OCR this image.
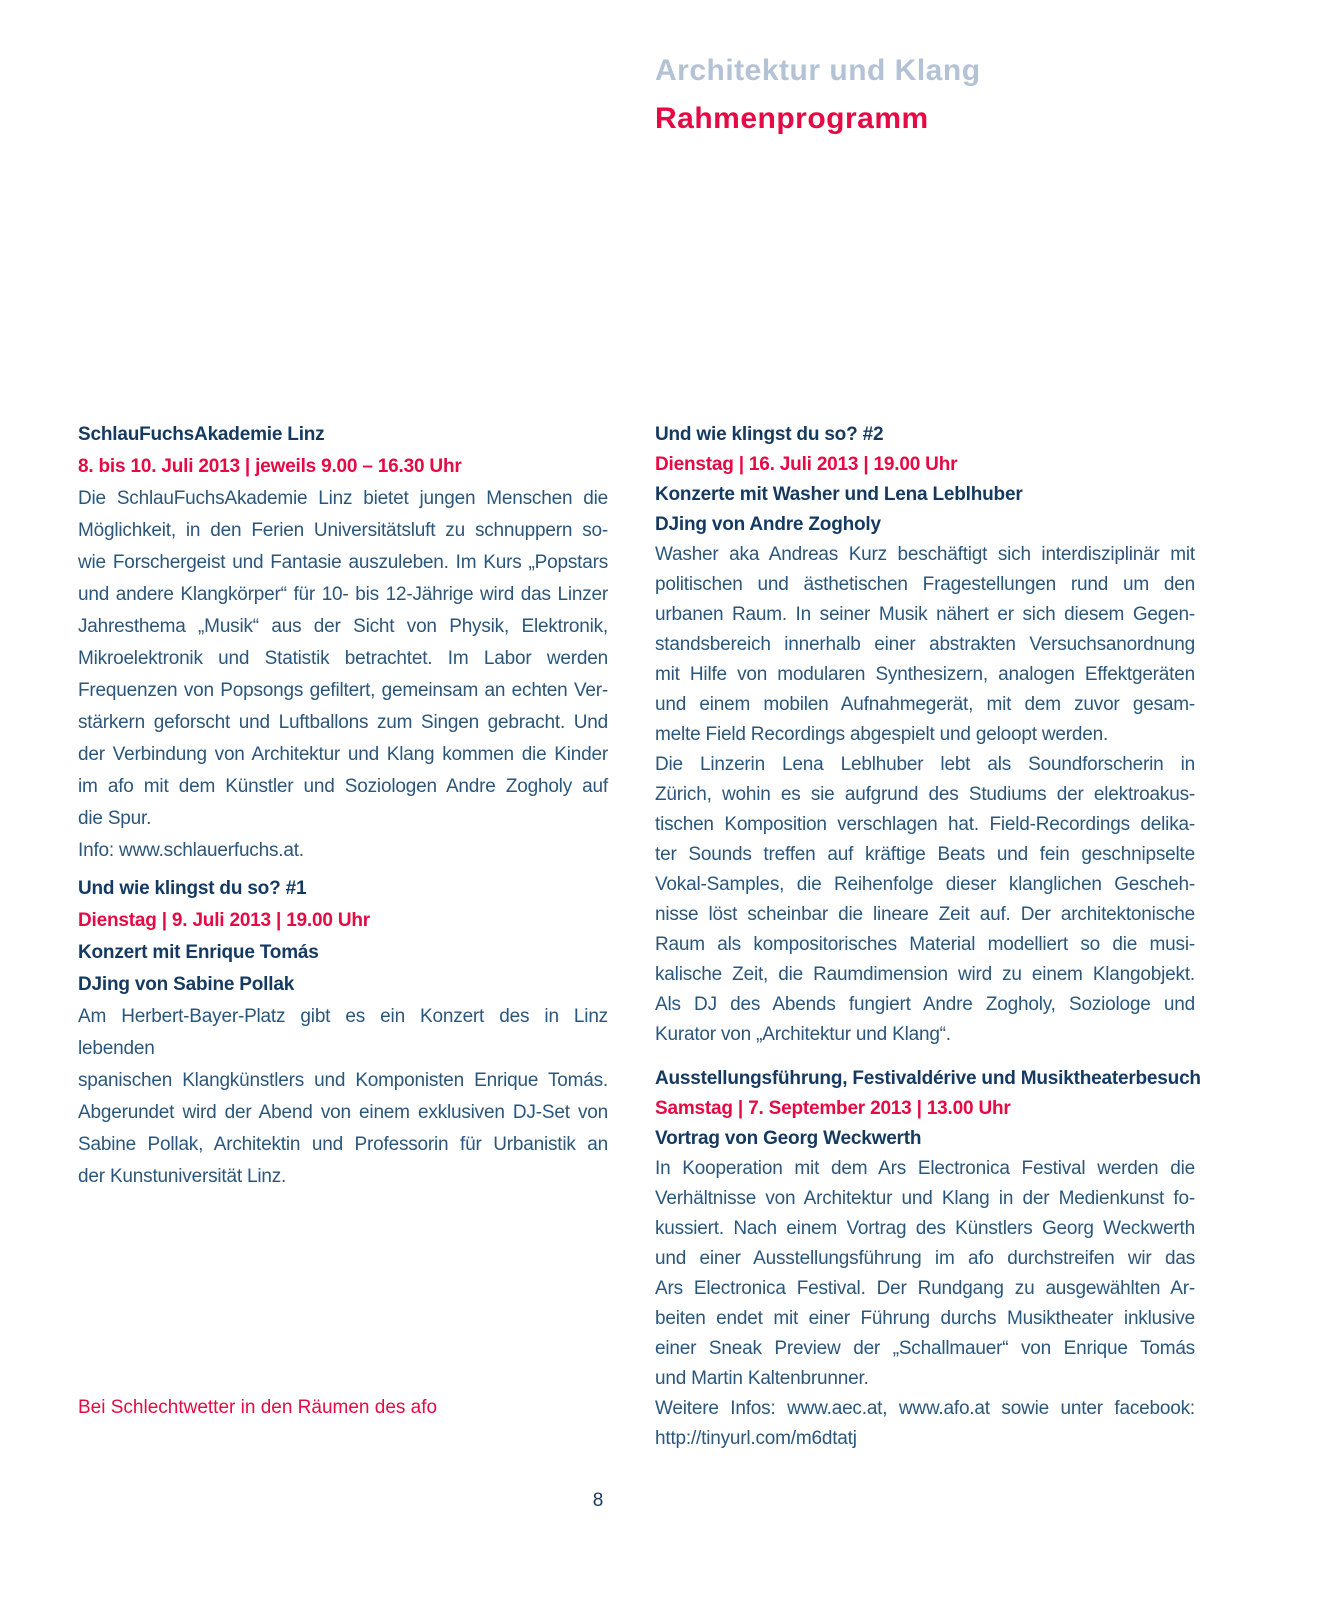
Architektur und Klang
Rahmenprogramm
SchlauFuchsAkademie Linz
8. bis 10. Juli 2013 | jeweils 9.00 – 16.30 Uhr
Die SchlauFuchsAkademie Linz bietet jungen Menschen die
Möglichkeit, in den Ferien Universitätsluft zu schnuppern so-
wie Forschergeist und Fantasie auszuleben. Im Kurs „Popstars
und andere Klangkörper“ für 10- bis 12-Jährige wird das Linzer
Jahresthema „Musik“ aus der Sicht von Physik, Elektronik,
Mikroelektronik und Statistik betrachtet. Im Labor werden
Frequenzen von Popsongs gefiltert, gemeinsam an echten Ver-
stärkern geforscht und Luftballons zum Singen gebracht. Und
der Verbindung von Architektur und Klang kommen die Kinder
im afo mit dem Künstler und Soziologen Andre Zogholy auf
die Spur.
Info: www.schlauerfuchs.at.
Und wie klingst du so? #1
Dienstag | 9. Juli 2013 | 19.00 Uhr
Konzert mit Enrique Tomás
DJing von Sabine Pollak
Am Herbert-Bayer-Platz gibt es ein Konzert des in Linz lebenden
spanischen Klangkünstlers und Komponisten Enrique Tomás.
Abgerundet wird der Abend von einem exklusiven DJ-Set von
Sabine Pollak, Architektin und Professorin für Urbanistik an
der Kunstuniversität Linz.
Und wie klingst du so? #2
Dienstag | 16. Juli 2013 | 19.00 Uhr
Konzerte mit Washer und Lena Leblhuber
DJing von Andre Zogholy
Washer aka Andreas Kurz beschäftigt sich interdisziplinär mit
politischen und ästhetischen Fragestellungen rund um den
urbanen Raum. In seiner Musik nähert er sich diesem Gegen-
standsbereich innerhalb einer abstrakten Versuchsanordnung
mit Hilfe von modularen Synthesizern, analogen Effektgeräten
und einem mobilen Aufnahmegerät, mit dem zuvor gesam-
melte Field Recordings abgespielt und geloopt werden.
Die Linzerin Lena Leblhuber lebt als Soundforscherin in
Zürich, wohin es sie aufgrund des Studiums der elektroakus-
tischen Komposition verschlagen hat. Field-Recordings delika-
ter Sounds treffen auf kräftige Beats und fein geschnipselte
Vokal-Samples, die Reihenfolge dieser klanglichen Gescheh-
nisse löst scheinbar die lineare Zeit auf. Der architektonische
Raum als kompositorisches Material modelliert so die musi-
kalische Zeit, die Raumdimension wird zu einem Klangobjekt.
Als DJ des Abends fungiert Andre Zogholy, Soziologe und
Kurator von „Architektur und Klang“.
Ausstellungsführung, Festivaldérive und Musiktheaterbesuch
Samstag | 7. September 2013 | 13.00 Uhr
Vortrag von Georg Weckwerth
In Kooperation mit dem Ars Electronica Festival werden die
Verhältnisse von Architektur und Klang in der Medienkunst fo-
kussiert. Nach einem Vortrag des Künstlers Georg Weckwerth
und einer Ausstellungsführung im afo durchstreifen wir das
Ars Electronica Festival. Der Rundgang zu ausgewählten Ar-
beiten endet mit einer Führung durchs Musiktheater inklusive
einer Sneak Preview der „Schallmauer“ von Enrique Tomás
und Martin Kaltenbrunner.
Weitere Infos: www.aec.at, www.afo.at sowie unter facebook:
http://tinyurl.com/m6dtatj
Bei Schlechtwetter in den Räumen des afo
8
